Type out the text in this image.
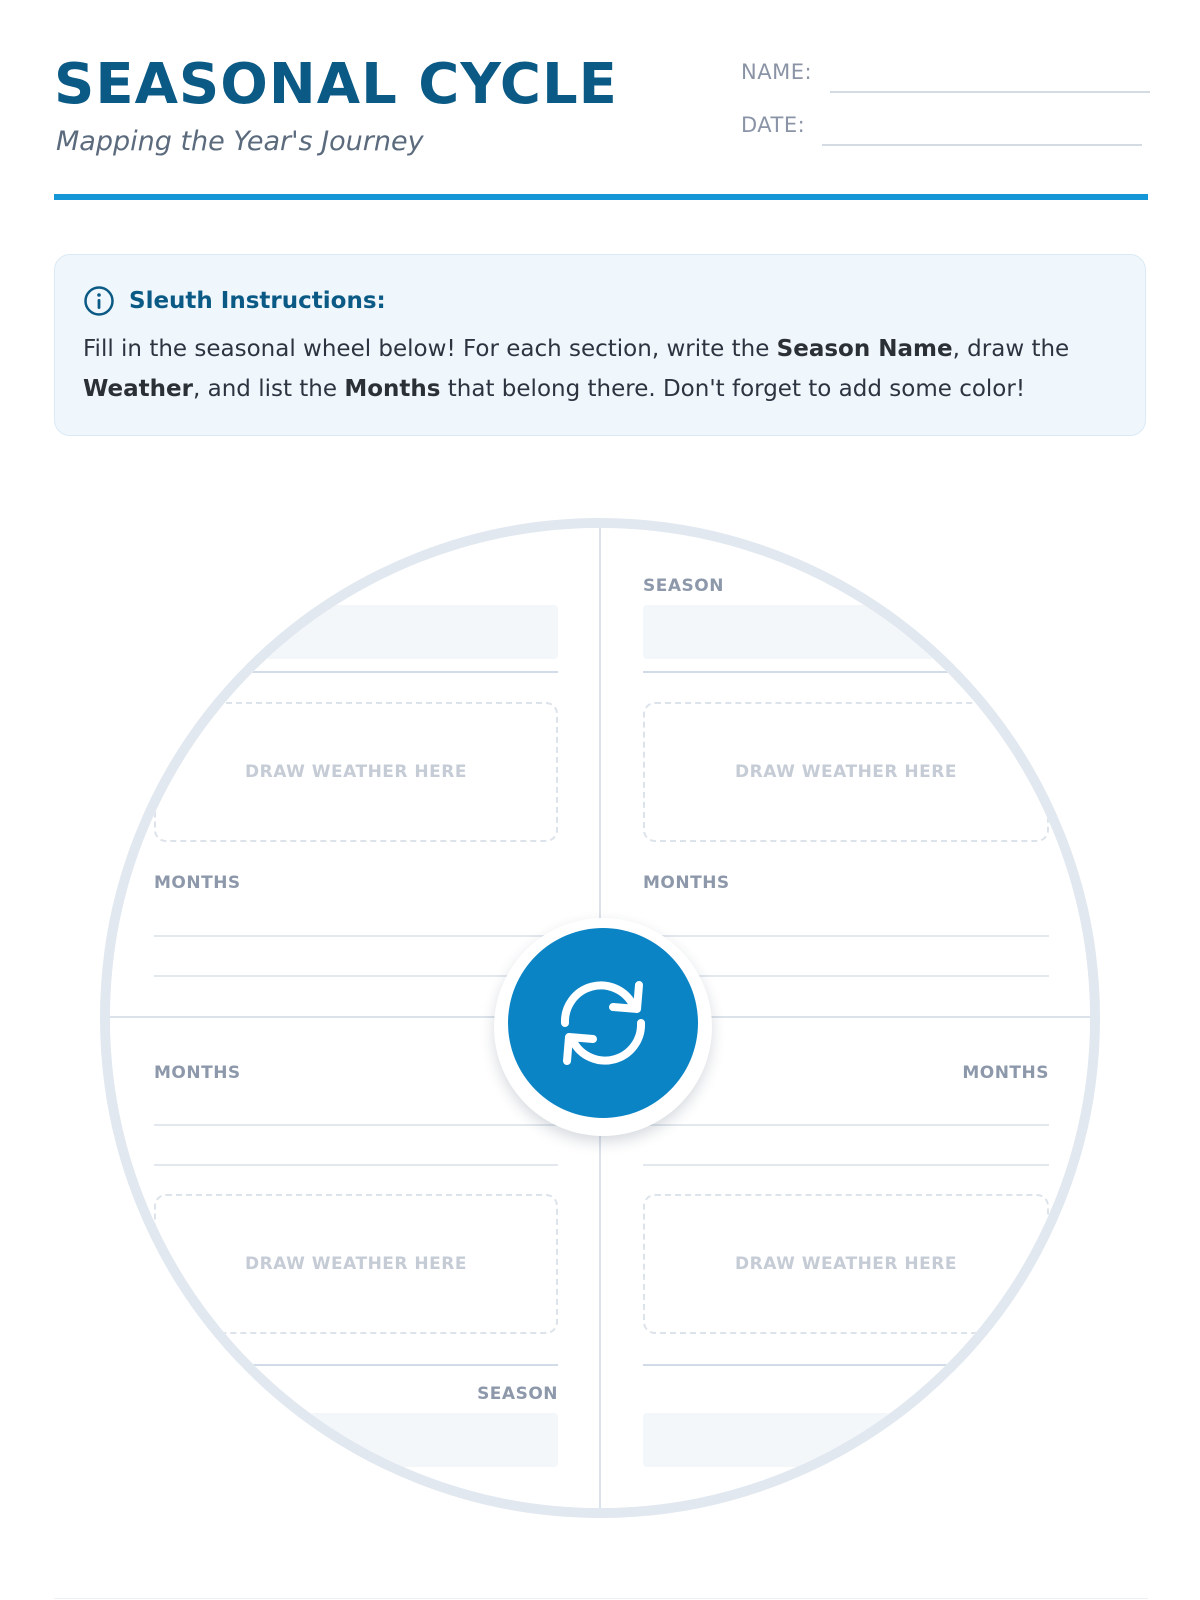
SEASONAL CYCLE
Mapping the Year's Journey
NAME:
DATE:
Sleuth Instructions:
Fill in the seasonal wheel below! For each section, write the Season Name, draw the Weather, and list the Months that belong there. Don't forget to add some color!
DRAW WEATHER HERE
MONTHS
SEASON
DRAW WEATHER HERE
MONTHS
MONTHS
DRAW WEATHER HERE
SEASON
MONTHS
DRAW WEATHER HERE
